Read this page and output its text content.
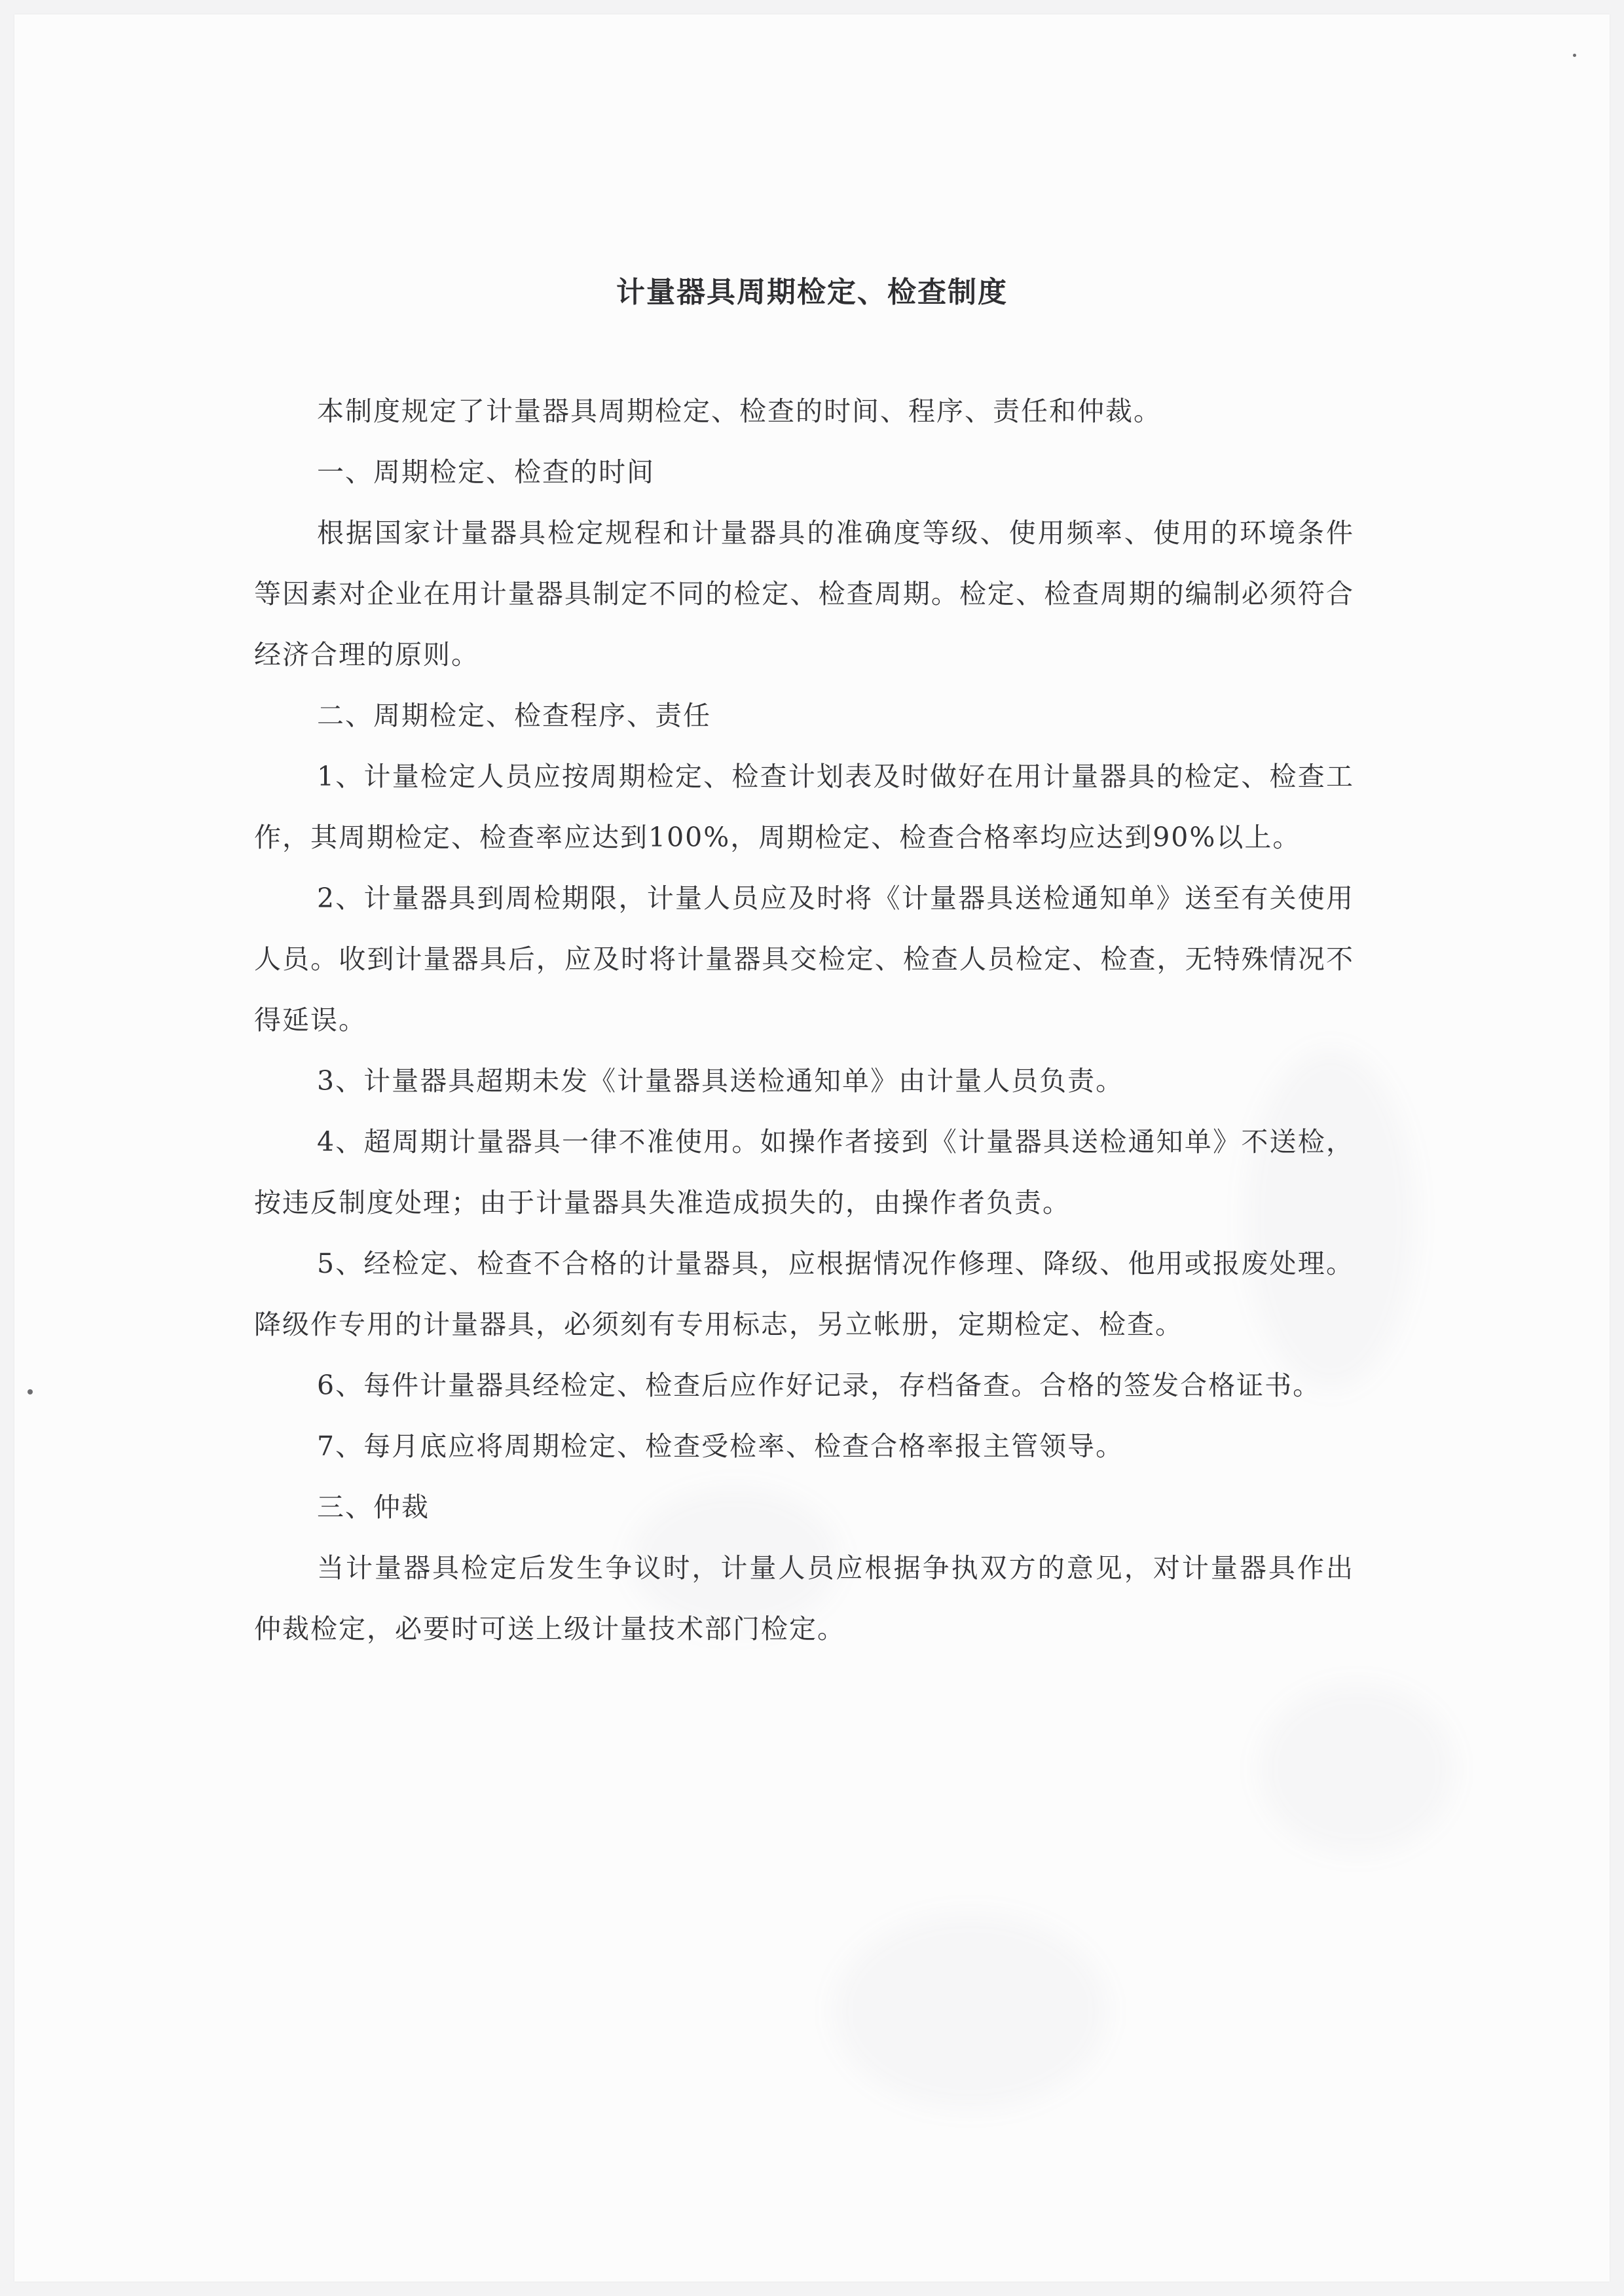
计量器具周期检定、检查制度

本制度规定了计量器具周期检定、检查的时间、程序、责任和仲裁。

一、周期检定、检查的时间

根据国家计量器具检定规程和计量器具的准确度等级、使用频率、使用的环境条件等因素对企业在用计量器具制定不同的检定、检查周期。检定、检查周期的编制必须符合经济合理的原则。

二、周期检定、检查程序、责任

1、计量检定人员应按周期检定、检查计划表及时做好在用计量器具的检定、检查工作，其周期检定、检查率应达到100%，周期检定、检查合格率均应达到90%以上。

2、计量器具到周检期限，计量人员应及时将《计量器具送检通知单》送至有关使用人员。收到计量器具后，应及时将计量器具交检定、检查人员检定、检查，无特殊情况不得延误。

3、计量器具超期未发《计量器具送检通知单》由计量人员负责。

4、超周期计量器具一律不准使用。如操作者接到《计量器具送检通知单》不送检，按违反制度处理；由于计量器具失准造成损失的，由操作者负责。

5、经检定、检查不合格的计量器具，应根据情况作修理、降级、他用或报废处理。降级作专用的计量器具，必须刻有专用标志，另立帐册，定期检定、检查。

6、每件计量器具经检定、检查后应作好记录，存档备查。合格的签发合格证书。

7、每月底应将周期检定、检查受检率、检查合格率报主管领导。

三、仲裁

当计量器具检定后发生争议时，计量人员应根据争执双方的意见，对计量器具作出仲裁检定，必要时可送上级计量技术部门检定。
